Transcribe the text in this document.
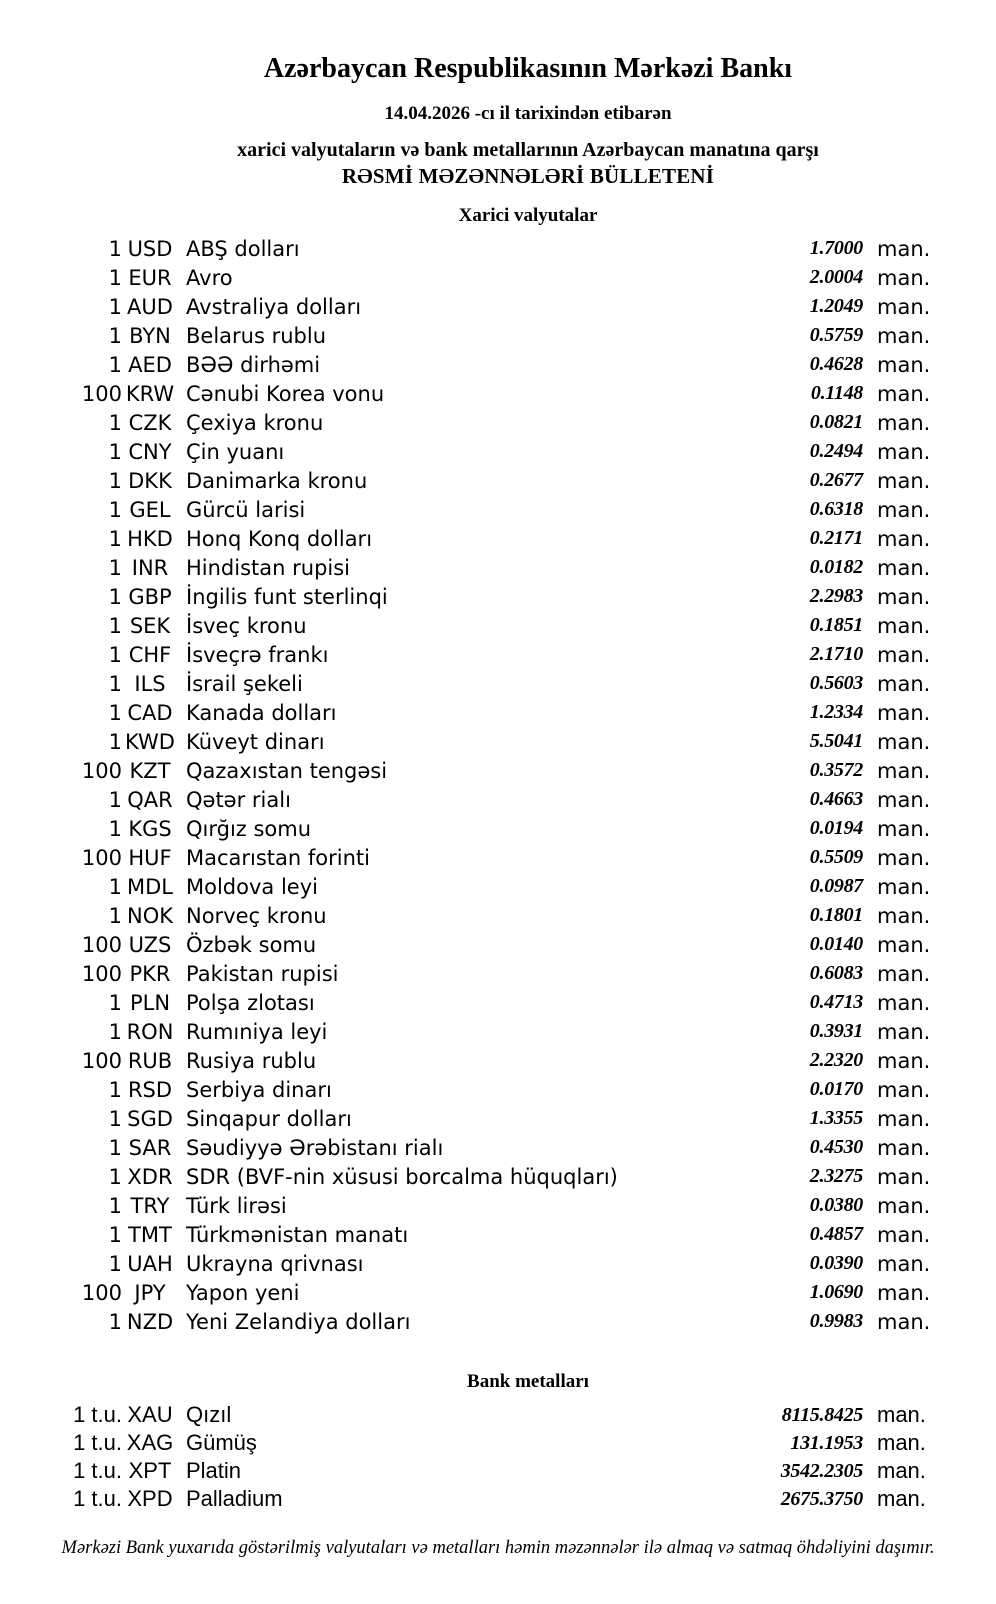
Azərbaycan Respublikasının Mərkəzi Bankı
14.04.2026 -cı il tarixindən etibarən
xarici valyutaların və bank metallarının Azərbaycan manatına qarşı
RƏSMİ MƏZƏNNƏLƏRİ BÜLLETENİ
Xarici valyutalar
1 USD ABŞ dolları	1.7000 man.
1 EUR Avro	2.0004 man.
1 AUD Avstraliya dolları	1.2049 man.
1 BYN Belarus rublu	0.5759 man.
1 AED BƏƏ dirhəmi	0.4628 man.
100 KRW Cənubi Korea vonu	0.1148 man.
1 CZK Çexiya kronu	0.0821 man.
1 CNY Çin yuanı	0.2494 man.
1 DKK Danimarka kronu	0.2677 man.
1 GEL Gürcü larisi	0.6318 man.
1 HKD Honq Konq dolları	0.2171 man.
1 INR Hindistan rupisi	0.0182 man.
1 GBP İngilis funt sterlinqi	2.2983 man.
1 SEK İsveç kronu	0.1851 man.
1 CHF İsveçrə frankı	2.1710 man.
1 ILS İsrail şekeli	0.5603 man.
1 CAD Kanada dolları	1.2334 man.
1 KWD Küveyt dinarı	5.5041 man.
100 KZT Qazaxıstan tengəsi	0.3572 man.
1 QAR Qətər rialı	0.4663 man.
1 KGS Qırğız somu	0.0194 man.
100 HUF Macarıstan forinti	0.5509 man.
1 MDL Moldova leyi	0.0987 man.
1 NOK Norveç kronu	0.1801 man.
100 UZS Özbək somu	0.0140 man.
100 PKR Pakistan rupisi	0.6083 man.
1 PLN Polşa zlotası	0.4713 man.
1 RON Rumıniya leyi	0.3931 man.
100 RUB Rusiya rublu	2.2320 man.
1 RSD Serbiya dinarı	0.0170 man.
1 SGD Sinqapur dolları	1.3355 man.
1 SAR Səudiyyə Ərəbistanı rialı	0.4530 man.
1 XDR SDR (BVF-nin xüsusi borcalma hüquqları)	2.3275 man.
1 TRY Türk lirəsi	0.0380 man.
1 TMT Türkmənistan manatı	0.4857 man.
1 UAH Ukrayna qrivnası	0.0390 man.
100 JPY Yapon yeni	1.0690 man.
1 NZD Yeni Zelandiya dolları	0.9983 man.
Bank metalları
1 t.u. XAU Qızıl	8115.8425 man.
1 t.u. XAG Gümüş	131.1953 man.
1 t.u. XPT Platin	3542.2305 man.
1 t.u. XPD Palladium	2675.3750 man.
Mərkəzi Bank yuxarıda göstərilmiş valyutaları və metalları həmin məzənnələr ilə almaq və satmaq öhdəliyini daşımır.
